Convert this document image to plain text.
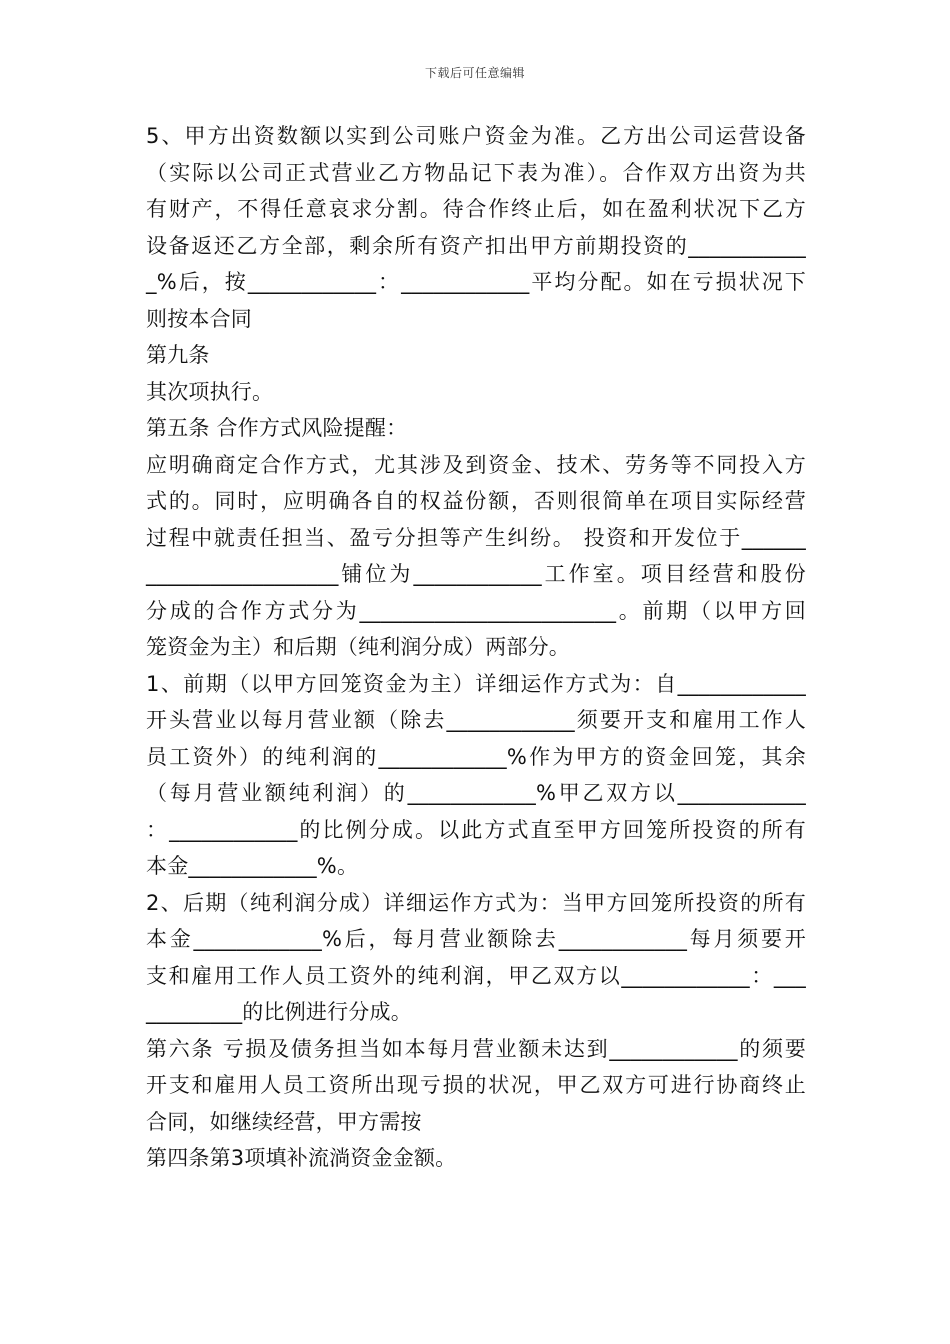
下载后可任意编辑
5、甲方出资数额以实到公司账户资金为准。乙方出公司运营设备
（实际以公司正式营业乙方物品记下表为准）。合作双方出资为共
有财产，不得任意哀求分割。待合作终止后，如在盈利状况下乙方
设备返还乙方全部，剩余所有资产扣出甲方前期投资的___________
_%后，按____________：____________平均分配。如在亏损状况下
则按本合同
第九条
其次项执行。
第五条 合作方式风险提醒：
应明确商定合作方式，尤其涉及到资金、技术、劳务等不同投入方
式的。同时，应明确各自的权益份额，否则很简单在项目实际经营
过程中就责任担当、盈亏分担等产生纠纷。 投资和开发位于______
__________________铺位为____________工作室。项目经营和股份
分成的合作方式分为________________________。前期（以甲方回
笼资金为主）和后期（纯利润分成）两部分。
1、前期（以甲方回笼资金为主）详细运作方式为：自____________
开头营业以每月营业额（除去____________须要开支和雇用工作人
员工资外）的纯利润的____________%作为甲方的资金回笼，其余
（每月营业额纯利润）的____________%甲乙双方以____________
：____________的比例分成。以此方式直至甲方回笼所投资的所有
本金____________%。
2、后期（纯利润分成）详细运作方式为：当甲方回笼所投资的所有
本金____________%后，每月营业额除去____________每月须要开
支和雇用工作人员工资外的纯利润，甲乙双方以____________：___
_________的比例进行分成。
第六条 亏损及债务担当如本每月营业额未达到____________的须要
开支和雇用人员工资所出现亏损的状况，甲乙双方可进行协商终止
合同，如继续经营，甲方需按
第四条第3项填补流淌资金金额。
